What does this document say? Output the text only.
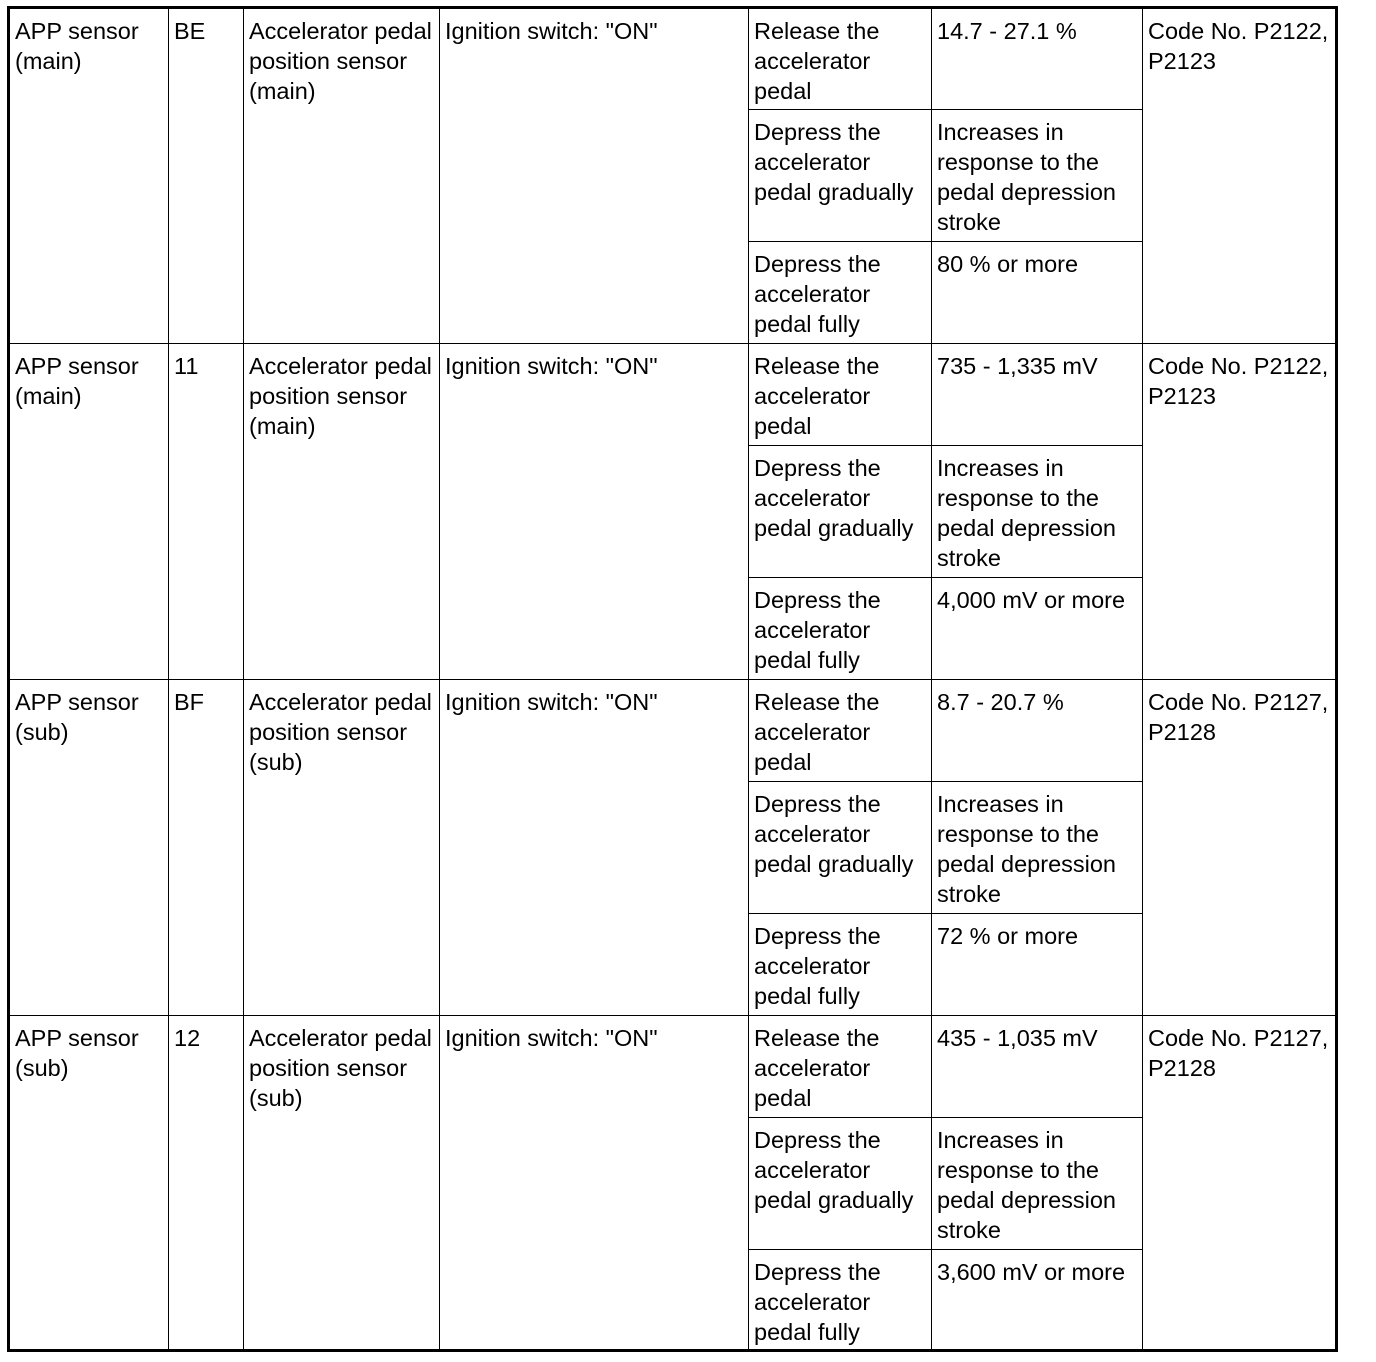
APP sensor (main)	BE	Accelerator pedal position sensor (main)	Ignition switch: "ON"	Release the accelerator pedal	14.7 - 27.1 %	Code No. P2122, P2123
				Depress the accelerator pedal gradually	Increases in response to the pedal depression stroke	
				Depress the accelerator pedal fully	80 % or more	
APP sensor (main)	11	Accelerator pedal position sensor (main)	Ignition switch: "ON"	Release the accelerator pedal	735 - 1,335 mV	Code No. P2122, P2123
				Depress the accelerator pedal gradually	Increases in response to the pedal depression stroke	
				Depress the accelerator pedal fully	4,000 mV or more	
APP sensor (sub)	BF	Accelerator pedal position sensor (sub)	Ignition switch: "ON"	Release the accelerator pedal	8.7 - 20.7 %	Code No. P2127, P2128
				Depress the accelerator pedal gradually	Increases in response to the pedal depression stroke	
				Depress the accelerator pedal fully	72 % or more	
APP sensor (sub)	12	Accelerator pedal position sensor (sub)	Ignition switch: "ON"	Release the accelerator pedal	435 - 1,035 mV	Code No. P2127, P2128
				Depress the accelerator pedal gradually	Increases in response to the pedal depression stroke	
				Depress the accelerator pedal fully	3,600 mV or more	
